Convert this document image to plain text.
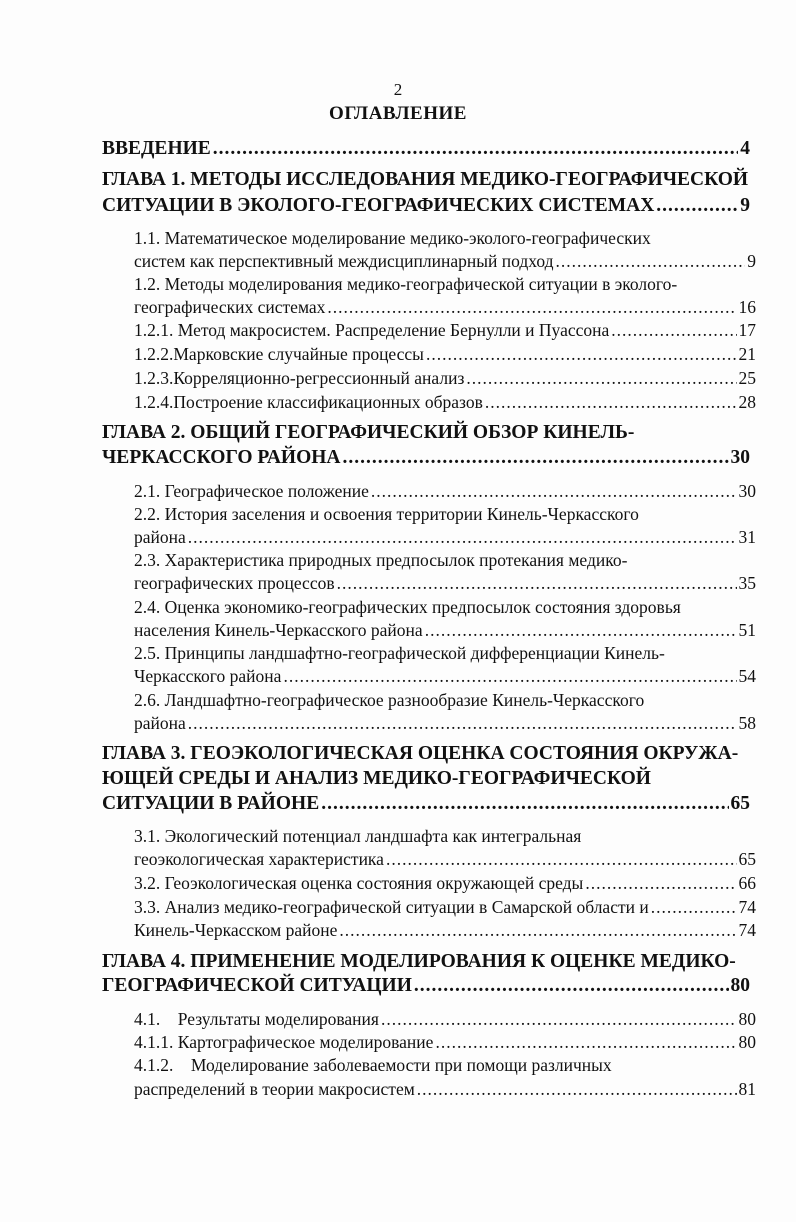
2
ОГЛАВЛЕНИЕ
ВВЕДЕНИЕ .....	4
ГЛАВА 1. МЕТОДЫ ИССЛЕДОВАНИЯ МЕДИКО-ГЕОГРАФИЧЕСКОЙ
СИТУАЦИИ В ЭКОЛОГО-ГЕОГРАФИЧЕСКИХ СИСТЕМАХ .....	9
1.1. Математическое моделирование медико-эколого-географических
систем как перспективный междисциплинарный подход .....	9
1.2. Методы моделирования медико-географической ситуации в эколого-
географических системах .....	16
1.2.1. Метод макросистем. Распределение Бернулли и Пуассона .....	17
1.2.2.Марковские случайные процессы .....	21
1.2.3.Корреляционно-регрессионный анализ .....	25
1.2.4.Построение классификационных образов .....	28
ГЛАВА 2. ОБЩИЙ ГЕОГРАФИЧЕСКИЙ ОБЗОР КИНЕЛЬ-
ЧЕРКАССКОГО РАЙОНА .....	30
2.1. Географическое положение .....	30
2.2. История заселения и освоения территории Кинель-Черкасского
района .....	31
2.3. Характеристика природных предпосылок протекания медико-
географических процессов .....	35
2.4. Оценка экономико-географических предпосылок состояния здоровья
населения Кинель-Черкасского района .....	51
2.5. Принципы ландшафтно-географической дифференциации Кинель-
Черкасского района .....	54
2.6. Ландшафтно-географическое разнообразие Кинель-Черкасского
района .....	58
ГЛАВА 3. ГЕОЭКОЛОГИЧЕСКАЯ ОЦЕНКА СОСТОЯНИЯ ОКРУЖА-
ЮЩЕЙ СРЕДЫ И АНАЛИЗ МЕДИКО-ГЕОГРАФИЧЕСКОЙ
СИТУАЦИИ В РАЙОНЕ .....	65
3.1. Экологический потенциал ландшафта как интегральная
геоэкологическая характеристика .....	65
3.2. Геоэкологическая оценка состояния окружающей среды .....	66
3.3. Анализ медико-географической ситуации в Самарской области и .....	74
Кинель-Черкасском районе .....	74
ГЛАВА 4. ПРИМЕНЕНИЕ МОДЕЛИРОВАНИЯ К ОЦЕНКЕ МЕДИКО-
ГЕОГРАФИЧЕСКОЙ СИТУАЦИИ .....	80
4.1.    Результаты моделирования .....	80
4.1.1. Картографическое моделирование .....	80
4.1.2.    Моделирование заболеваемости при помощи различных
распределений в теории макросистем .....	81
